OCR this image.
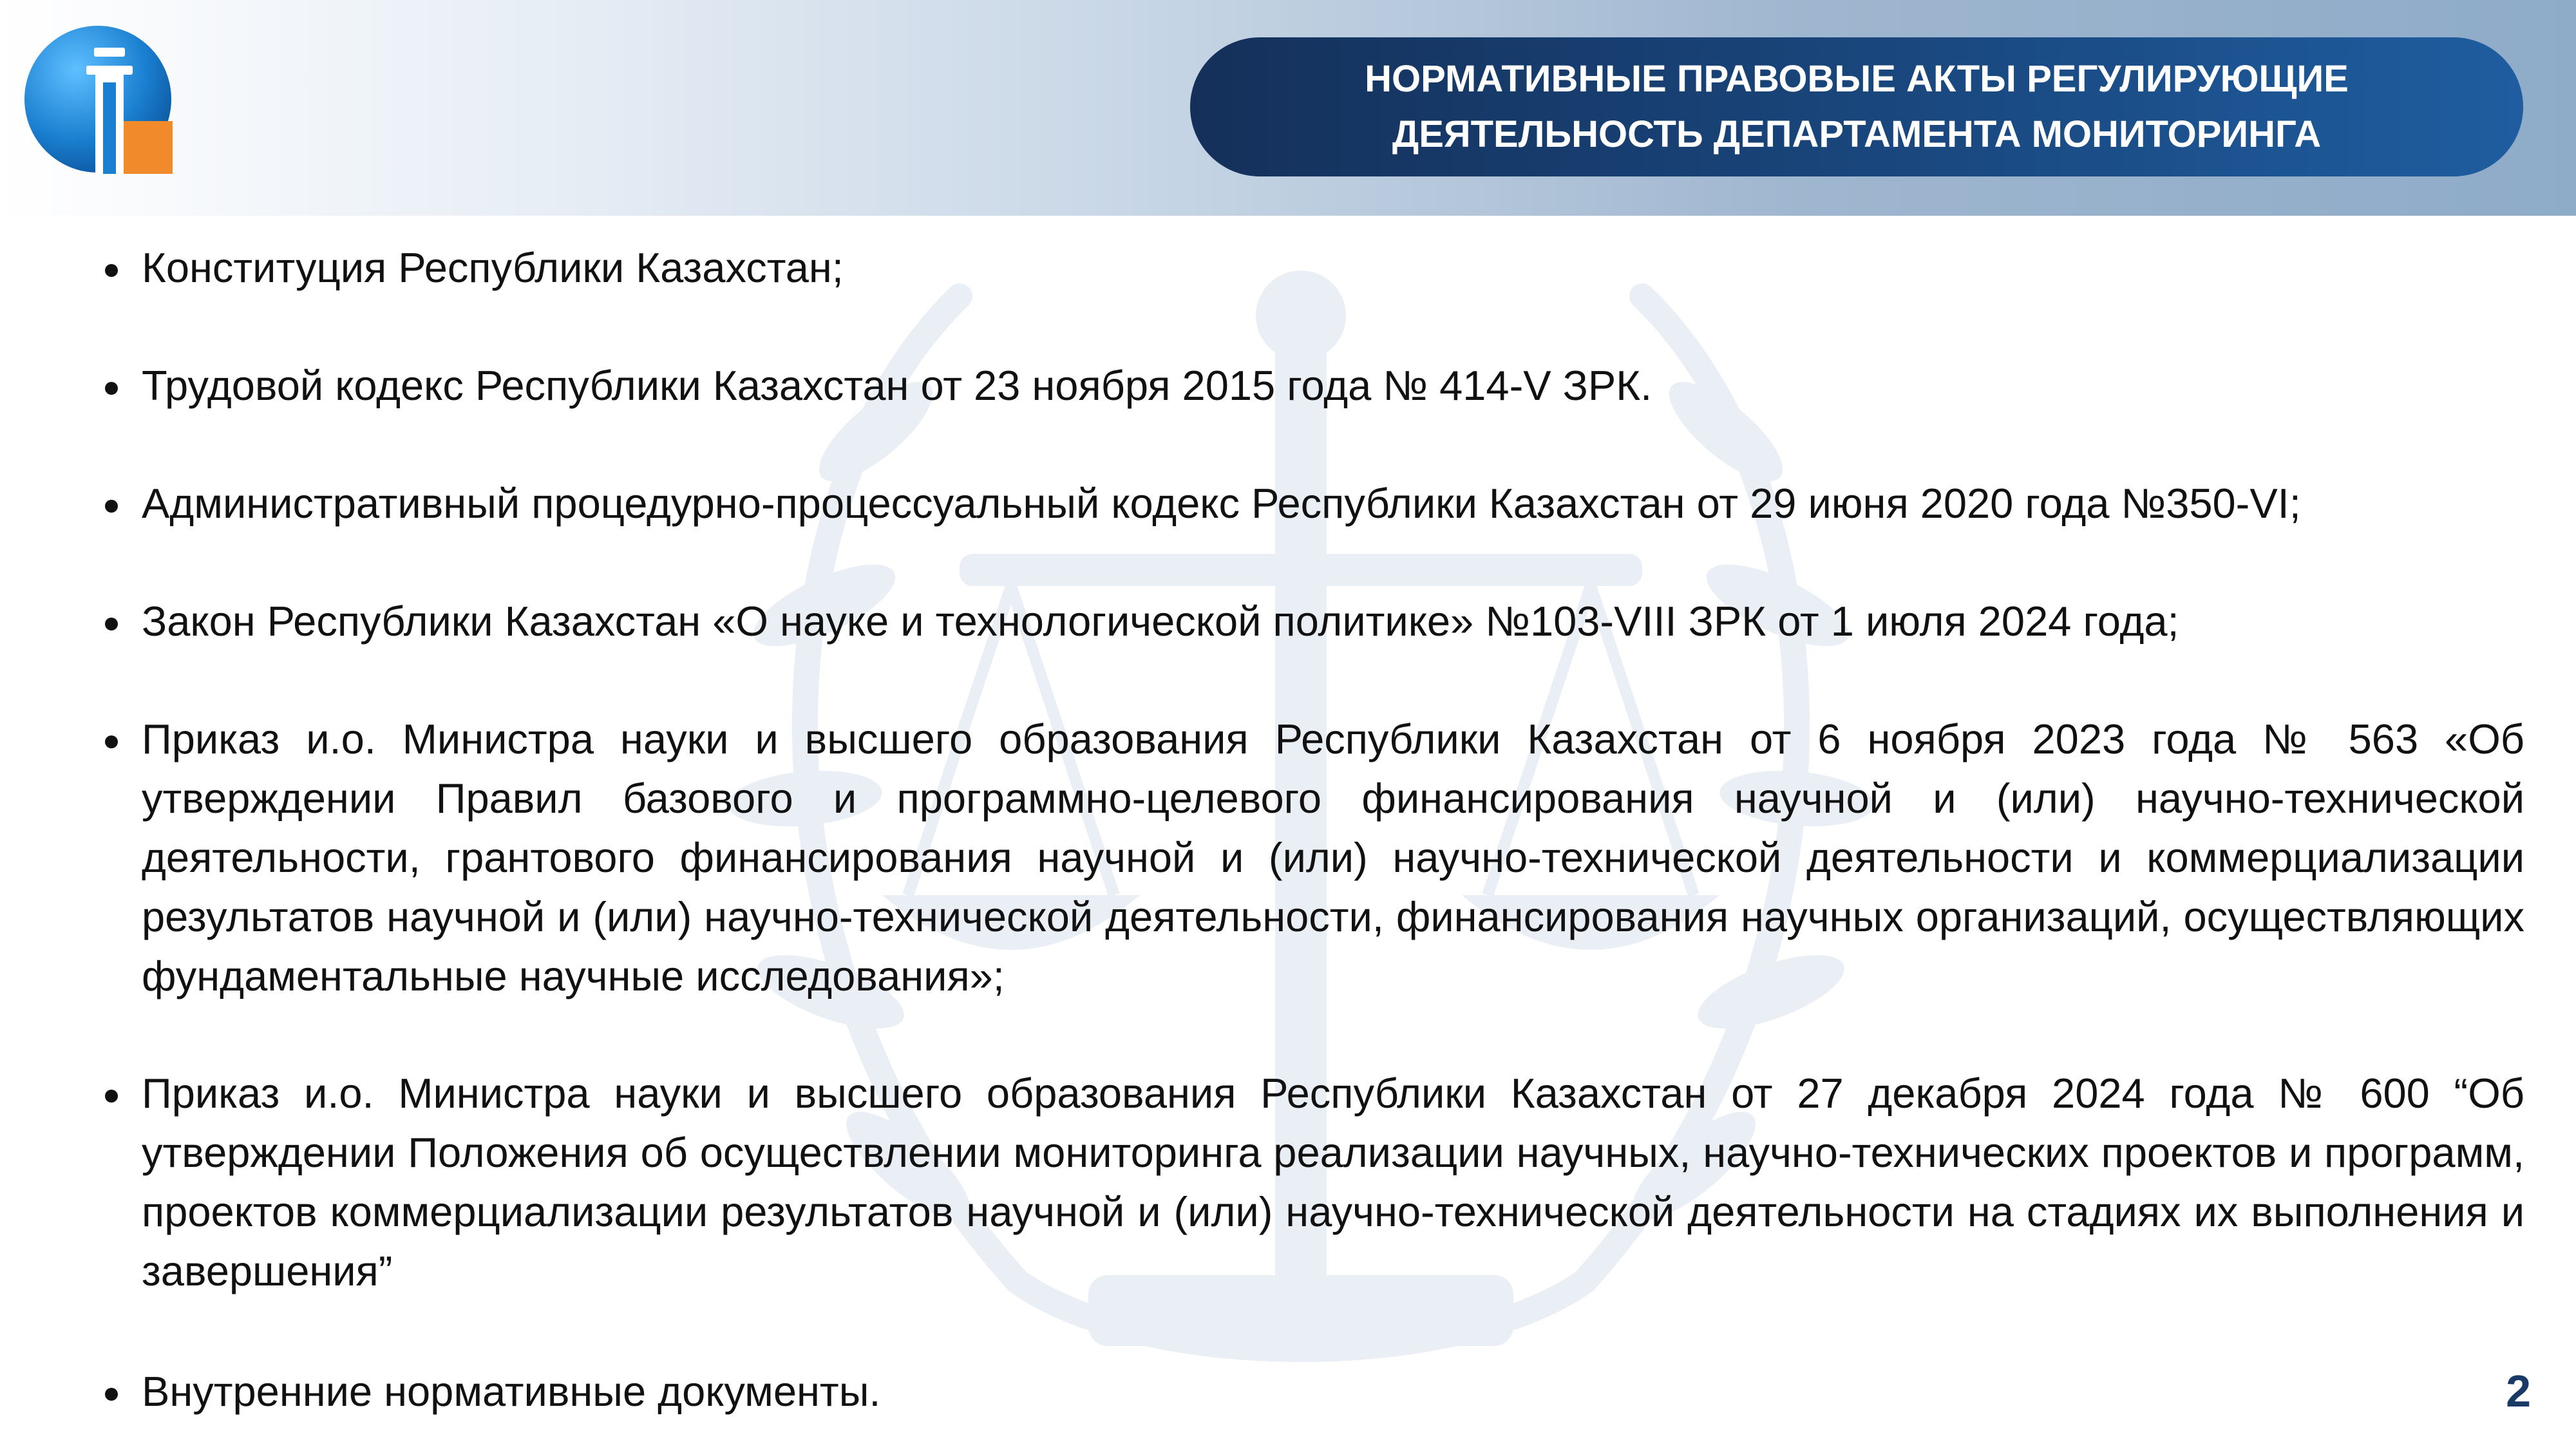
НОРМАТИВНЫЕ ПРАВОВЫЕ АКТЫ РЕГУЛИРУЮЩИЕ
ДЕЯТЕЛЬНОСТЬ ДЕПАРТАМЕНТА МОНИТОРИНГА
Конституция Республики Казахстан;
Трудовой кодекс Республики Казахстан от 23 ноября 2015 года № 414-V ЗРК.
Административный процедурно-процессуальный кодекс Республики Казахстан от 29 июня 2020 года №350-VI;
Закон Республики Казахстан «О науке и технологической политике» №103-VIII ЗРК от 1 июля 2024 года;
Приказ и.о. Министра науки и высшего образования Республики Казахстан от 6 ноября 2023 года № 563 «Об утверждении Правил базового и программно-целевого финансирования научной и (или) научно-технической деятельности, грантового финансирования научной и (или) научно-технической деятельности и коммерциализации результатов научной и (или) научно-технической деятельности, финансирования научных организаций, осуществляющих фундаментальные научные исследования»;
Приказ и.о. Министра науки и высшего образования Республики Казахстан от 27 декабря 2024 года № 600 “Об утверждении Положения об осуществлении мониторинга реализации научных, научно-технических проектов и программ, проектов коммерциализации результатов научной и (или) научно-технической деятельности на стадиях их выполнения и завершения”
Внутренние нормативные документы.	2
